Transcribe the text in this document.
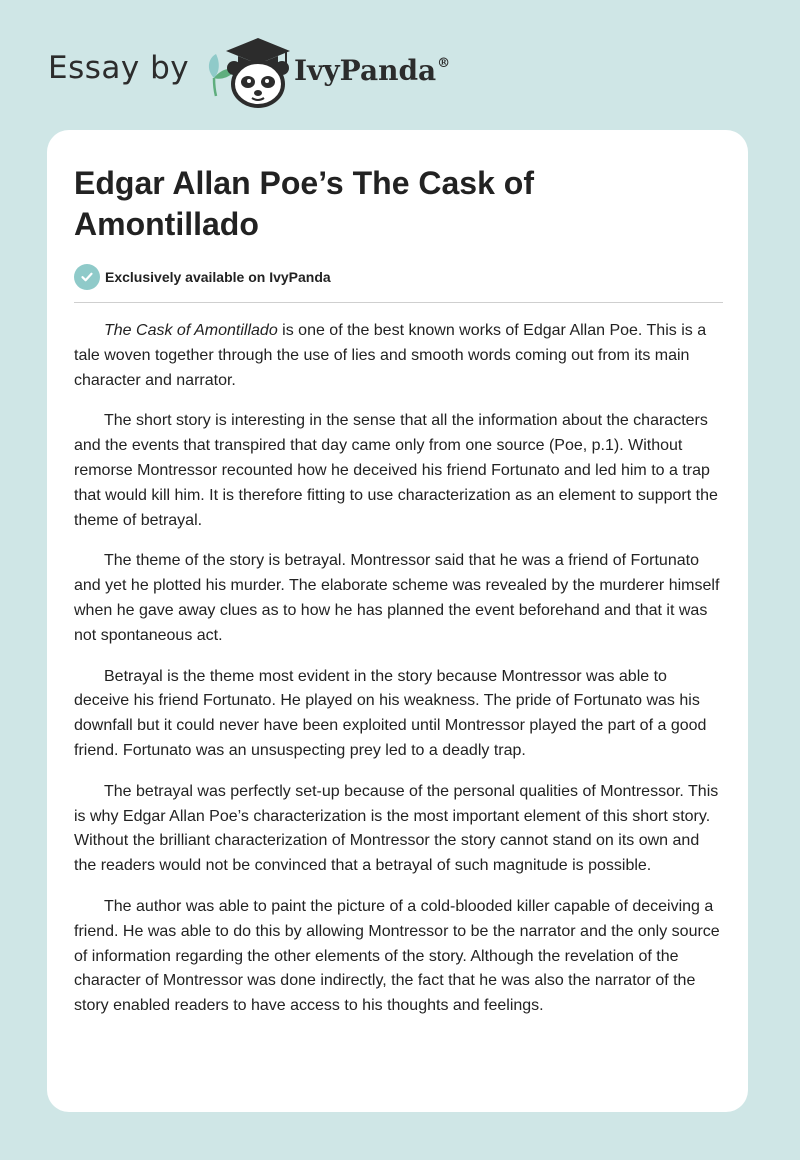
Essay by	IvyPanda®
Edgar Allan Poe’s The Cask of Amontillado
Exclusively available on IvyPanda

The Cask of Amontillado is one of the best known works of Edgar Allan Poe. This is a tale woven together through the use of lies and smooth words coming out from its main character and narrator.

The short story is interesting in the sense that all the information about the characters and the events that transpired that day came only from one source (Poe, p.1). Without remorse Montressor recounted how he deceived his friend Fortunato and led him to a trap that would kill him. It is therefore fitting to use characterization as an element to support the theme of betrayal.

The theme of the story is betrayal. Montressor said that he was a friend of Fortunato and yet he plotted his murder. The elaborate scheme was revealed by the murderer himself when he gave away clues as to how he has planned the event beforehand and that it was not spontaneous act.

Betrayal is the theme most evident in the story because Montressor was able to deceive his friend Fortunato. He played on his weakness. The pride of Fortunato was his downfall but it could never have been exploited until Montressor played the part of a good friend. Fortunato was an unsuspecting prey led to a deadly trap.

The betrayal was perfectly set-up because of the personal qualities of Montressor. This is why Edgar Allan Poe’s characterization is the most important element of this short story. Without the brilliant characterization of Montressor the story cannot stand on its own and the readers would not be convinced that a betrayal of such magnitude is possible.

The author was able to paint the picture of a cold-blooded killer capable of deceiving a friend. He was able to do this by allowing Montressor to be the narrator and the only source of information regarding the other elements of the story. Although the revelation of the character of Montressor was done indirectly, the fact that he was also the narrator of the story enabled readers to have access to his thoughts and feelings.
